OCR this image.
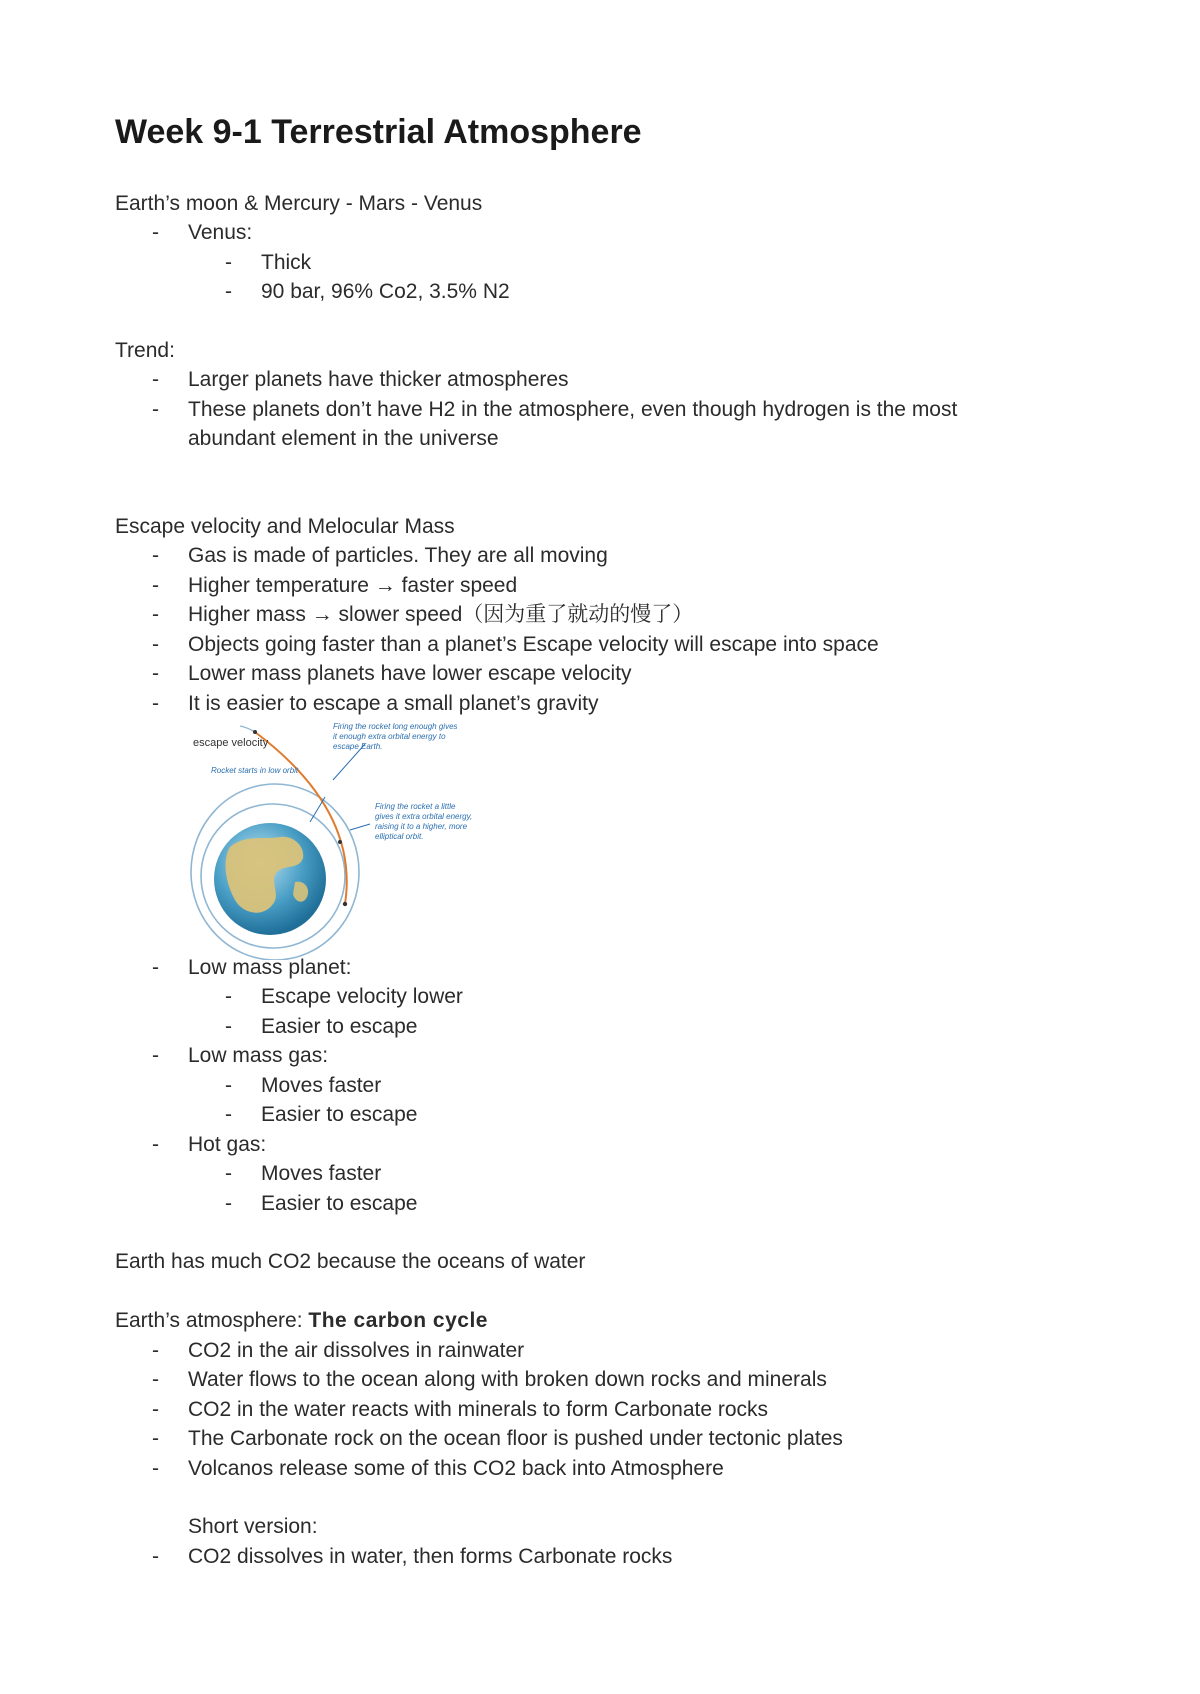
Week 9-1 Terrestrial Atmosphere
Earth’s moon & Mercury - Mars - Venus
- Venus:
- Thick
- 90 bar, 96% Co2, 3.5% N2
Trend:
- Larger planets have thicker atmospheres
- These planets don’t have H2 in the atmosphere, even though hydrogen is the most
abundant element in the universe
Escape velocity and Melocular Mass
- Gas is made of particles. They are all moving
- Higher temperature → faster speed
- Higher mass → slower speed（因为重了就动的慢了）
- Objects going faster than a planet’s Escape velocity will escape into space
- Lower mass planets have lower escape velocity
- It is easier to escape a small planet’s gravity
escape velocity
Rocket starts in low orbit
Firing the rocket long enough gives it enough extra orbital energy to escape Earth.
Firing the rocket a little gives it extra orbital energy, raising it to a higher, more elliptical orbit.
- Low mass planet:
- Escape velocity lower
- Easier to escape
- Low mass gas:
- Moves faster
- Easier to escape
- Hot gas:
- Moves faster
- Easier to escape
Earth has much CO2 because the oceans of water
Earth’s atmosphere: The carbon cycle
- CO2 in the air dissolves in rainwater
- Water flows to the ocean along with broken down rocks and minerals
- CO2 in the water reacts with minerals to form Carbonate rocks
- The Carbonate rock on the ocean floor is pushed under tectonic plates
- Volcanos release some of this CO2 back into Atmosphere
Short version:
- CO2 dissolves in water, then forms Carbonate rocks
